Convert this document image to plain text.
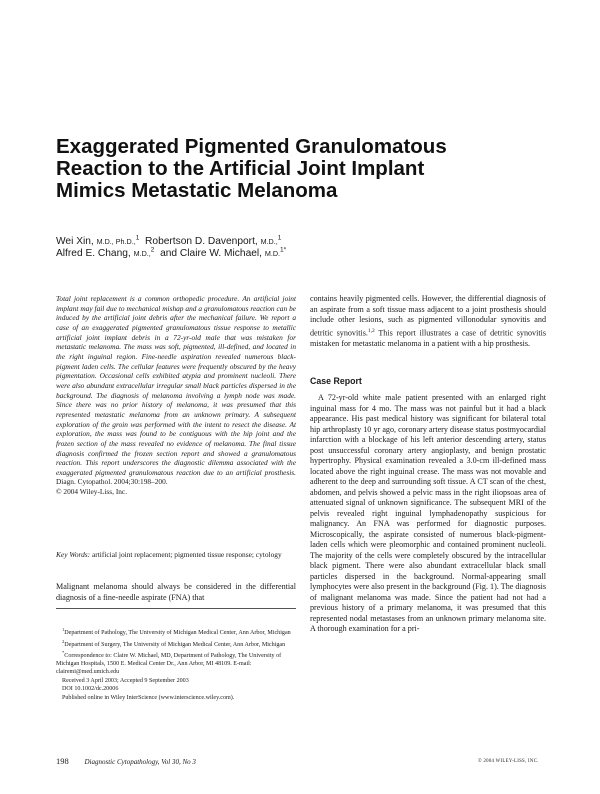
Exaggerated Pigmented Granulomatous Reaction to the Artificial Joint Implant Mimics Metastatic Melanoma
Wei Xin, M.D., Ph.D.,$^1$ Robertson D. Davenport, M.D.,$^1$
Alfred E. Chang, M.D.,$^2$ and Claire W. Michael, M.D.$^{1*}$

Total joint replacement is a common orthopedic procedure. An artificial joint implant may fail due to mechanical mishap and a granulomatous reaction can be induced by the artificial joint debris after the mechanical failure. We report a case of an exaggerated pigmented granulomatous tissue response to metallic artificial joint implant debris in a 72-yr-old male that was mistaken for metastatic melanoma. The mass was soft, pigmented, ill-defined, and located in the right inguinal region. Fine-needle aspiration revealed numerous black-pigment laden cells. The cellular features were frequently obscured by the heavy pigmentation. Occasional cells exhibited atypia and prominent nucleoli. There were also abundant extracellular irregular small black particles dispersed in the background. The diagnosis of melanoma involving a lymph node was made. Since there was no prior history of melanoma, it was presumed that this represented metastatic melanoma from an unknown primary. A subsequent exploration of the groin was performed with the intent to resect the disease. At exploration, the mass was found to be contiguous with the hip joint and the frozen section of the mass revealed no evidence of melanoma. The final tissue diagnosis confirmed the frozen section report and showed a granulomatous reaction. This report underscores the diagnostic dilemma associated with the exaggerated pigmented granulomatous reaction due to an artificial prosthesis. Diagn. Cytopathol. 2004;30:198–200.

© 2004 Wiley-Liss, Inc.

Key Words: artificial joint replacement; pigmented tissue response; cytology

Malignant melanoma should always be considered in the differential diagnosis of a fine-needle aspirate (FNA) that

$^1$Department of Pathology, The University of Michigan Medical Center, Ann Arbor, Michigan

$^2$Department of Surgery, The University of Michigan Medical Center, Ann Arbor, Michigan

*Correspondence to: Claire W. Michael, MD, Department of Pathology, The University of Michigan Hospitals, 1500 E. Medical Center Dr., Ann Arbor, MI 48109. E-mail: clairemi@med.umich.edu

Received 3 April 2003; Accepted 9 September 2003

DOI 10.1002/dc.20006

Published online in Wiley InterScience (www.interscience.wiley.com).

contains heavily pigmented cells. However, the differential diagnosis of an aspirate from a soft tissue mass adjacent to a joint prosthesis should include other lesions, such as pigmented villonodular synovitis and detritic synovitis.$^{1,2}$ This report illustrates a case of detritic synovitis mistaken for metastatic melanoma in a patient with a hip prosthesis.

Case Report

A 72-yr-old white male patient presented with an enlarged right inguinal mass for 4 mo. The mass was not painful but it had a black appearance. His past medical history was significant for bilateral total hip arthroplasty 10 yr ago, coronary artery disease status postmyocardial infarction with a blockage of his left anterior descending artery, status post unsuccessful coronary artery angioplasty, and benign prostatic hypertrophy. Physical examination revealed a 3.0-cm ill-defined mass located above the right inguinal crease. The mass was not movable and adherent to the deep and surrounding soft tissue. A CT scan of the chest, abdomen, and pelvis showed a pelvic mass in the right iliopsoas area of attenuated signal of unknown significance. The subsequent MRI of the pelvis revealed right inguinal lymphadenopathy suspicious for malignancy. An FNA was performed for diagnostic purposes. Microscopically, the aspirate consisted of numerous black-pigment-laden cells which were pleomorphic and contained prominent nucleoli. The majority of the cells were completely obscured by the intracellular black pigment. There were also abundant extracellular black small particles dispersed in the background. Normal-appearing small lymphocytes were also present in the background (Fig. 1). The diagnosis of malignant melanoma was made. Since the patient had not had a previous history of a primary melanoma, it was presumed that this represented nodal metastases from an unknown primary melanoma site. A thorough examination for a pri-

198 Diagnostic Cytopathology, Vol 30, No 3	© 2004 WILEY-LISS, INC.
